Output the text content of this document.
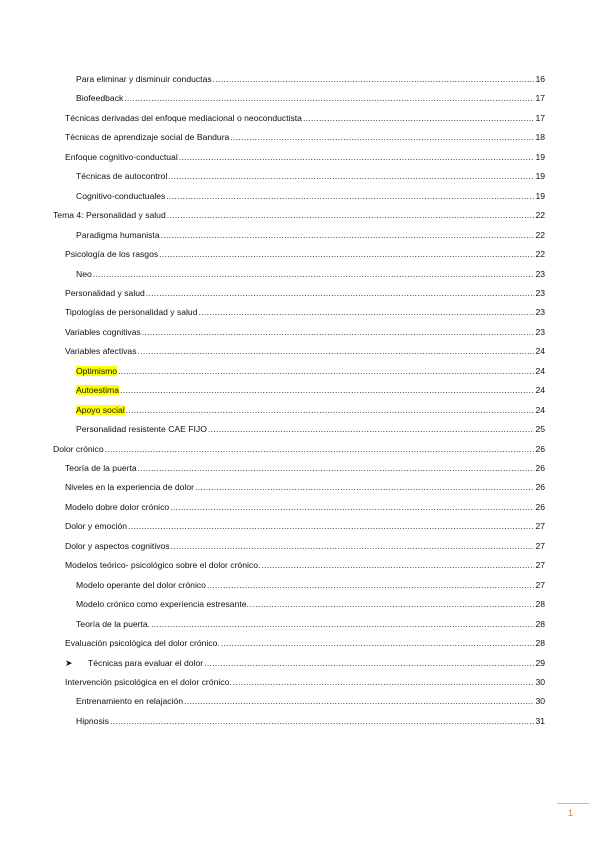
Para eliminar y disminuir conductas .....	16
Biofeedback .....	17
Técnicas derivadas del enfoque mediacional o neoconductista .....	17
Técnicas de aprendizaje social de Bandura .....	18
Enfoque cognitivo-conductual .....	19
Técnicas de autocontrol .....	19
Cognitivo-conductuales .....	19
Tema 4: Personalidad y salud .....	22
Paradigma humanista .....	22
Psicología de los rasgos .....	22
Neo .....	23
Personalidad y salud .....	23
Tipologías de personalidad y salud .....	23
Variables cognitivas .....	23
Variables afectivas .....	24
Optimismo .....	24
Autoestima .....	24
Apoyo social .....	24
Personalidad resistente CAE FIJO .....	25
Dolor crónico .....	26
Teoría de la puerta .....	26
Niveles en la experiencia de dolor .....	26
Modelo dobre dolor crónico .....	26
Dolor y emoción .....	27
Dolor y aspectos cognitivos .....	27
Modelos teórico- psicológico sobre el dolor crónico. .....	27
Modelo operante del dolor crónico .....	27
Modelo crónico como experiencia estresante. .....	28
Teoría de la puerta. .....	28
Evaluación psicológica del dolor crónico. .....	28
➤ Técnicas para evaluar el dolor .....	29
Intervención psicológica en el dolor crónico. .....	30
Entrenamiento en relajación .....	30
Hipnosis .....	31
1
